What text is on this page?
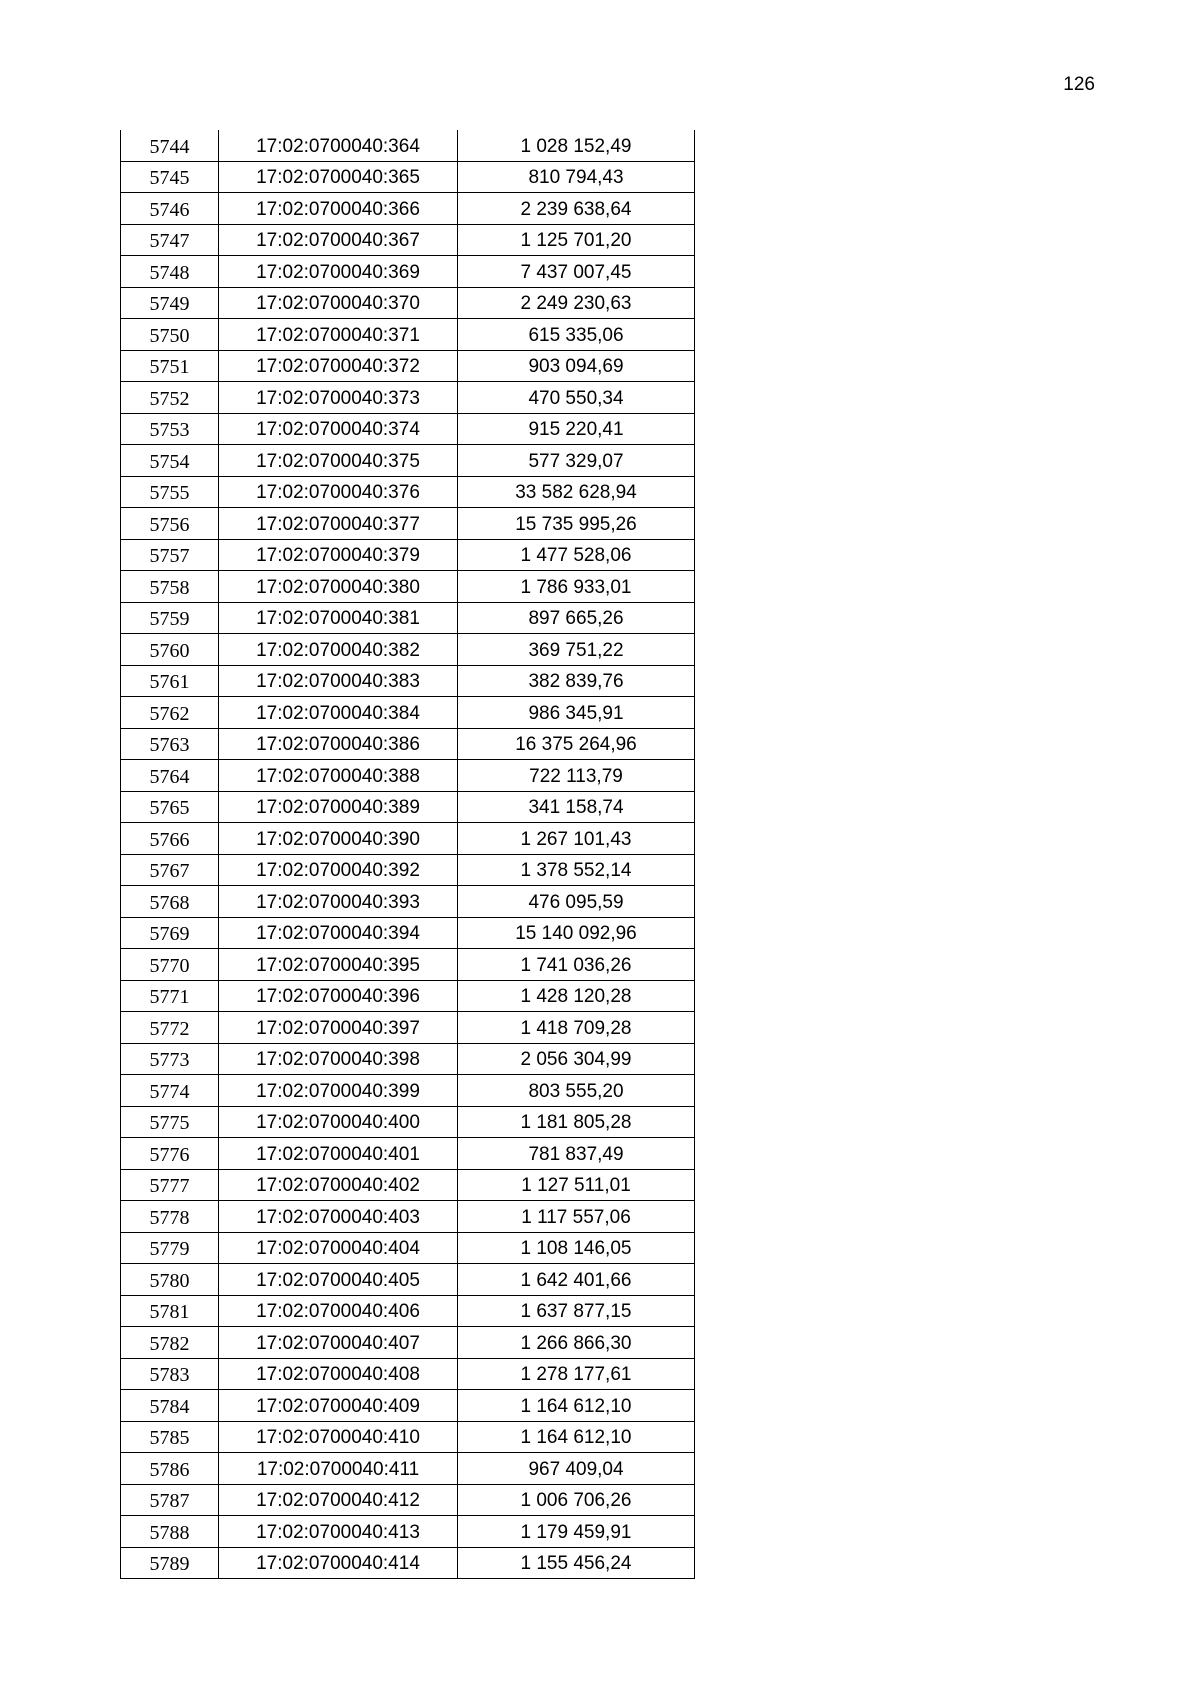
126
5744	17:02:0700040:364	1 028 152,49
5745	17:02:0700040:365	810 794,43
5746	17:02:0700040:366	2 239 638,64
5747	17:02:0700040:367	1 125 701,20
5748	17:02:0700040:369	7 437 007,45
5749	17:02:0700040:370	2 249 230,63
5750	17:02:0700040:371	615 335,06
5751	17:02:0700040:372	903 094,69
5752	17:02:0700040:373	470 550,34
5753	17:02:0700040:374	915 220,41
5754	17:02:0700040:375	577 329,07
5755	17:02:0700040:376	33 582 628,94
5756	17:02:0700040:377	15 735 995,26
5757	17:02:0700040:379	1 477 528,06
5758	17:02:0700040:380	1 786 933,01
5759	17:02:0700040:381	897 665,26
5760	17:02:0700040:382	369 751,22
5761	17:02:0700040:383	382 839,76
5762	17:02:0700040:384	986 345,91
5763	17:02:0700040:386	16 375 264,96
5764	17:02:0700040:388	722 113,79
5765	17:02:0700040:389	341 158,74
5766	17:02:0700040:390	1 267 101,43
5767	17:02:0700040:392	1 378 552,14
5768	17:02:0700040:393	476 095,59
5769	17:02:0700040:394	15 140 092,96
5770	17:02:0700040:395	1 741 036,26
5771	17:02:0700040:396	1 428 120,28
5772	17:02:0700040:397	1 418 709,28
5773	17:02:0700040:398	2 056 304,99
5774	17:02:0700040:399	803 555,20
5775	17:02:0700040:400	1 181 805,28
5776	17:02:0700040:401	781 837,49
5777	17:02:0700040:402	1 127 511,01
5778	17:02:0700040:403	1 117 557,06
5779	17:02:0700040:404	1 108 146,05
5780	17:02:0700040:405	1 642 401,66
5781	17:02:0700040:406	1 637 877,15
5782	17:02:0700040:407	1 266 866,30
5783	17:02:0700040:408	1 278 177,61
5784	17:02:0700040:409	1 164 612,10
5785	17:02:0700040:410	1 164 612,10
5786	17:02:0700040:411	967 409,04
5787	17:02:0700040:412	1 006 706,26
5788	17:02:0700040:413	1 179 459,91
5789	17:02:0700040:414	1 155 456,24
